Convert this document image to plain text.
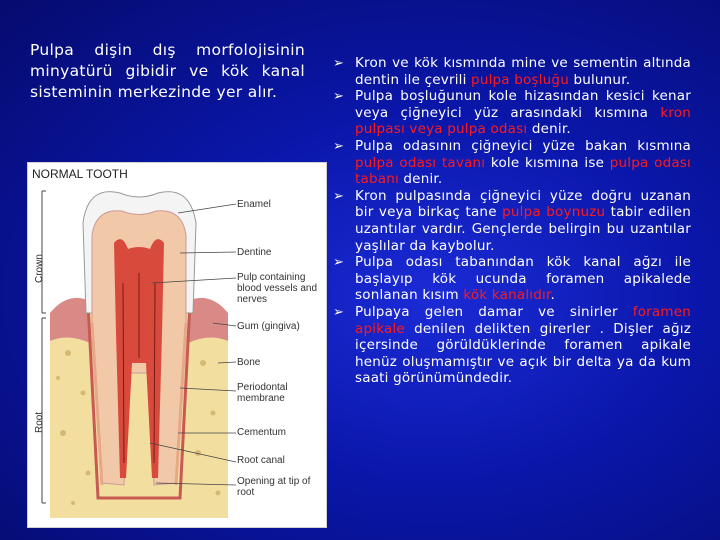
Pulpa dişin dış morfolojisinin minyatürü gibidir ve kök kanal sisteminin merkezinde yer alır.
NORMAL TOOTH
Crown
Root
Enamel
Dentine
Pulp containing blood vessels and nerves
Gum (gingiva)
Bone
Periodontal membrane
Cementum
Root canal
Opening at tip of root
➢ Kron ve kök kısmında mine ve sementin altında dentin ile çevrili pulpa boşluğu bulunur.
➢ Pulpa boşluğunun kole hizasından kesici kenar veya çiğneyici yüz arasındaki kısmına kron pulpası veya pulpa odası denir.
➢ Pulpa odasının çiğneyici yüze bakan kısmına pulpa odası tavanı kole kısmına ise pulpa odası tabanı denir.
➢ Kron pulpasında çiğneyici yüze doğru uzanan bir veya birkaç tane pulpa boynuzu tabir edilen uzantılar vardır. Gençlerde belirgin bu uzantılar yaşlılar da kaybolur.
➢ Pulpa odası tabanından kök kanal ağzı ile başlayıp kök ucunda foramen apikalede sonlanan kısım kök kanalıdır.
➢ Pulpaya gelen damar ve sinirler foramen apikale denilen delikten girerler . Dişler ağız içersinde görüldüklerinde foramen apikale henüz oluşmamıştır ve açık bir delta ya da kum saati görünümündedir.
